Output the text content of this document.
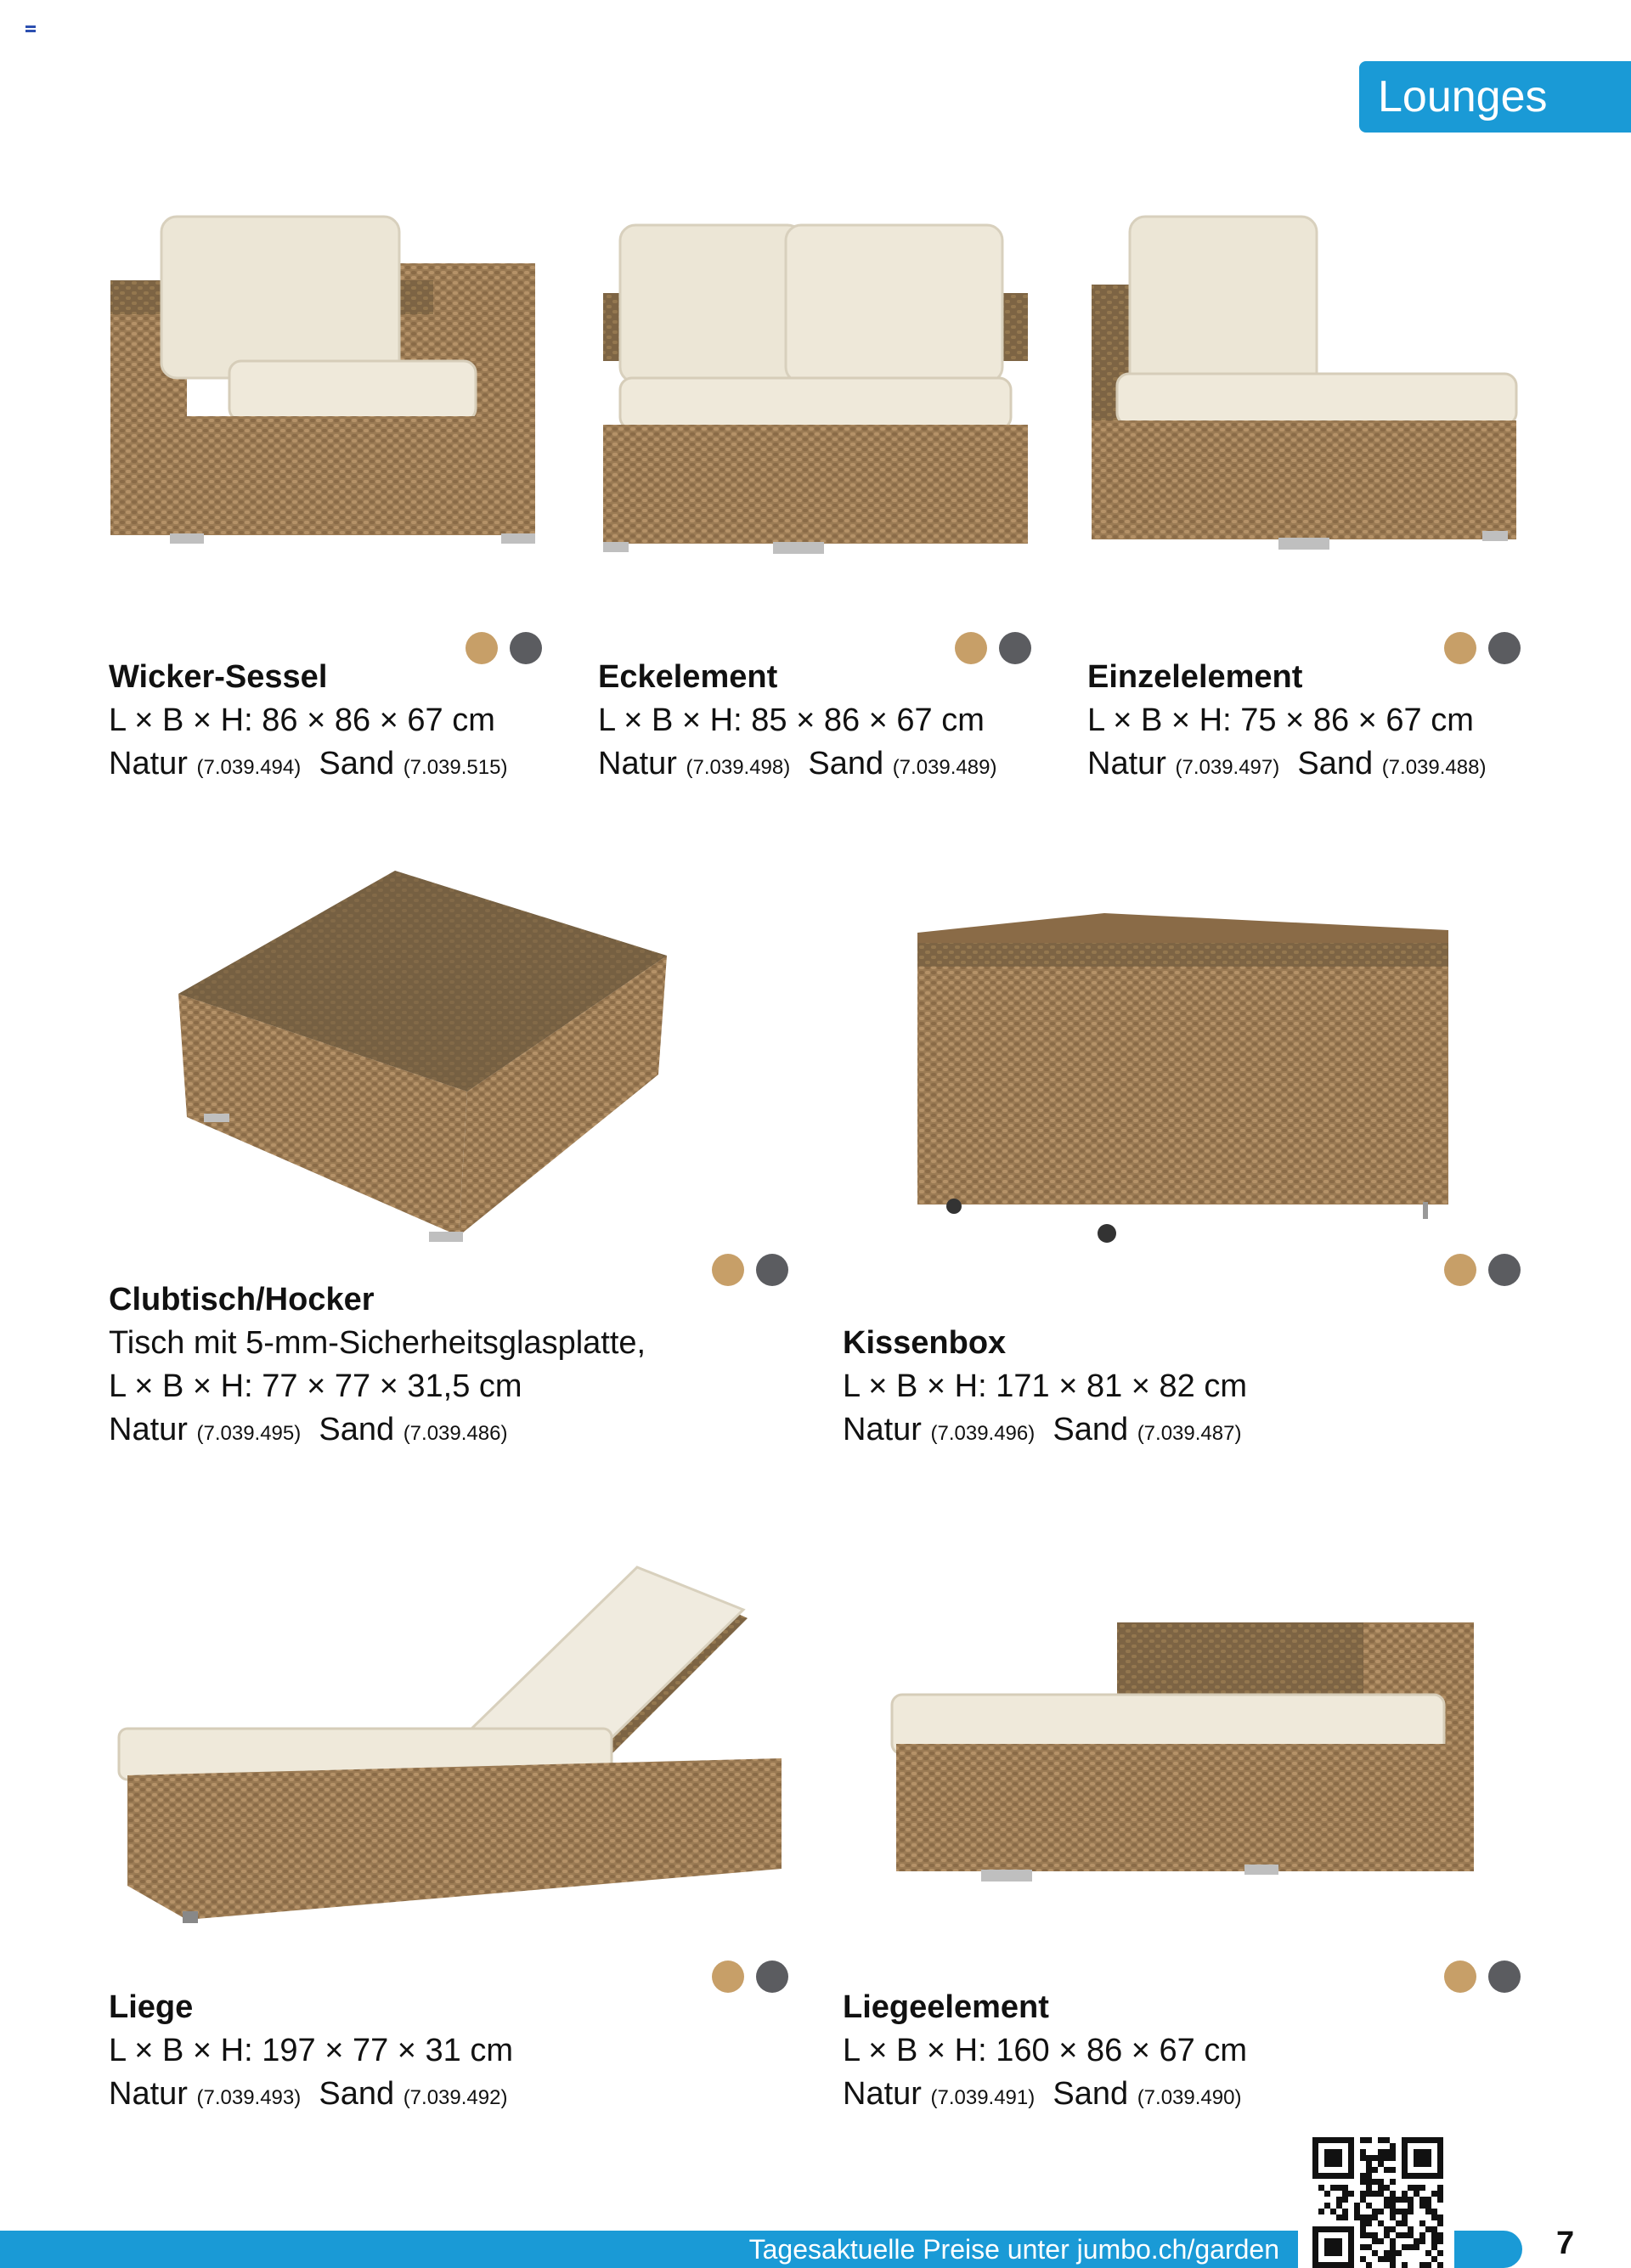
Lounges
Wicker-Sessel
L × B × H: 86 × 86 × 67 cm
Natur (7.039.494) Sand (7.039.515)
Eckelement
L × B × H: 85 × 86 × 67 cm
Natur (7.039.498) Sand (7.039.489)
Einzelelement
L × B × H: 75 × 86 × 67 cm
Natur (7.039.497) Sand (7.039.488)
Clubtisch/Hocker
Tisch mit 5-mm-Sicherheitsglasplatte,
L × B × H: 77 × 77 × 31,5 cm
Natur (7.039.495) Sand (7.039.486)
Kissenbox
L × B × H: 171 × 81 × 82 cm
Natur (7.039.496) Sand (7.039.487)
Liege
L × B × H: 197 × 77 × 31 cm
Natur (7.039.493) Sand (7.039.492)
Liegeelement
L × B × H: 160 × 86 × 67 cm
Natur (7.039.491) Sand (7.039.490)
Tagesaktuelle Preise unter jumbo.ch/garden	7
